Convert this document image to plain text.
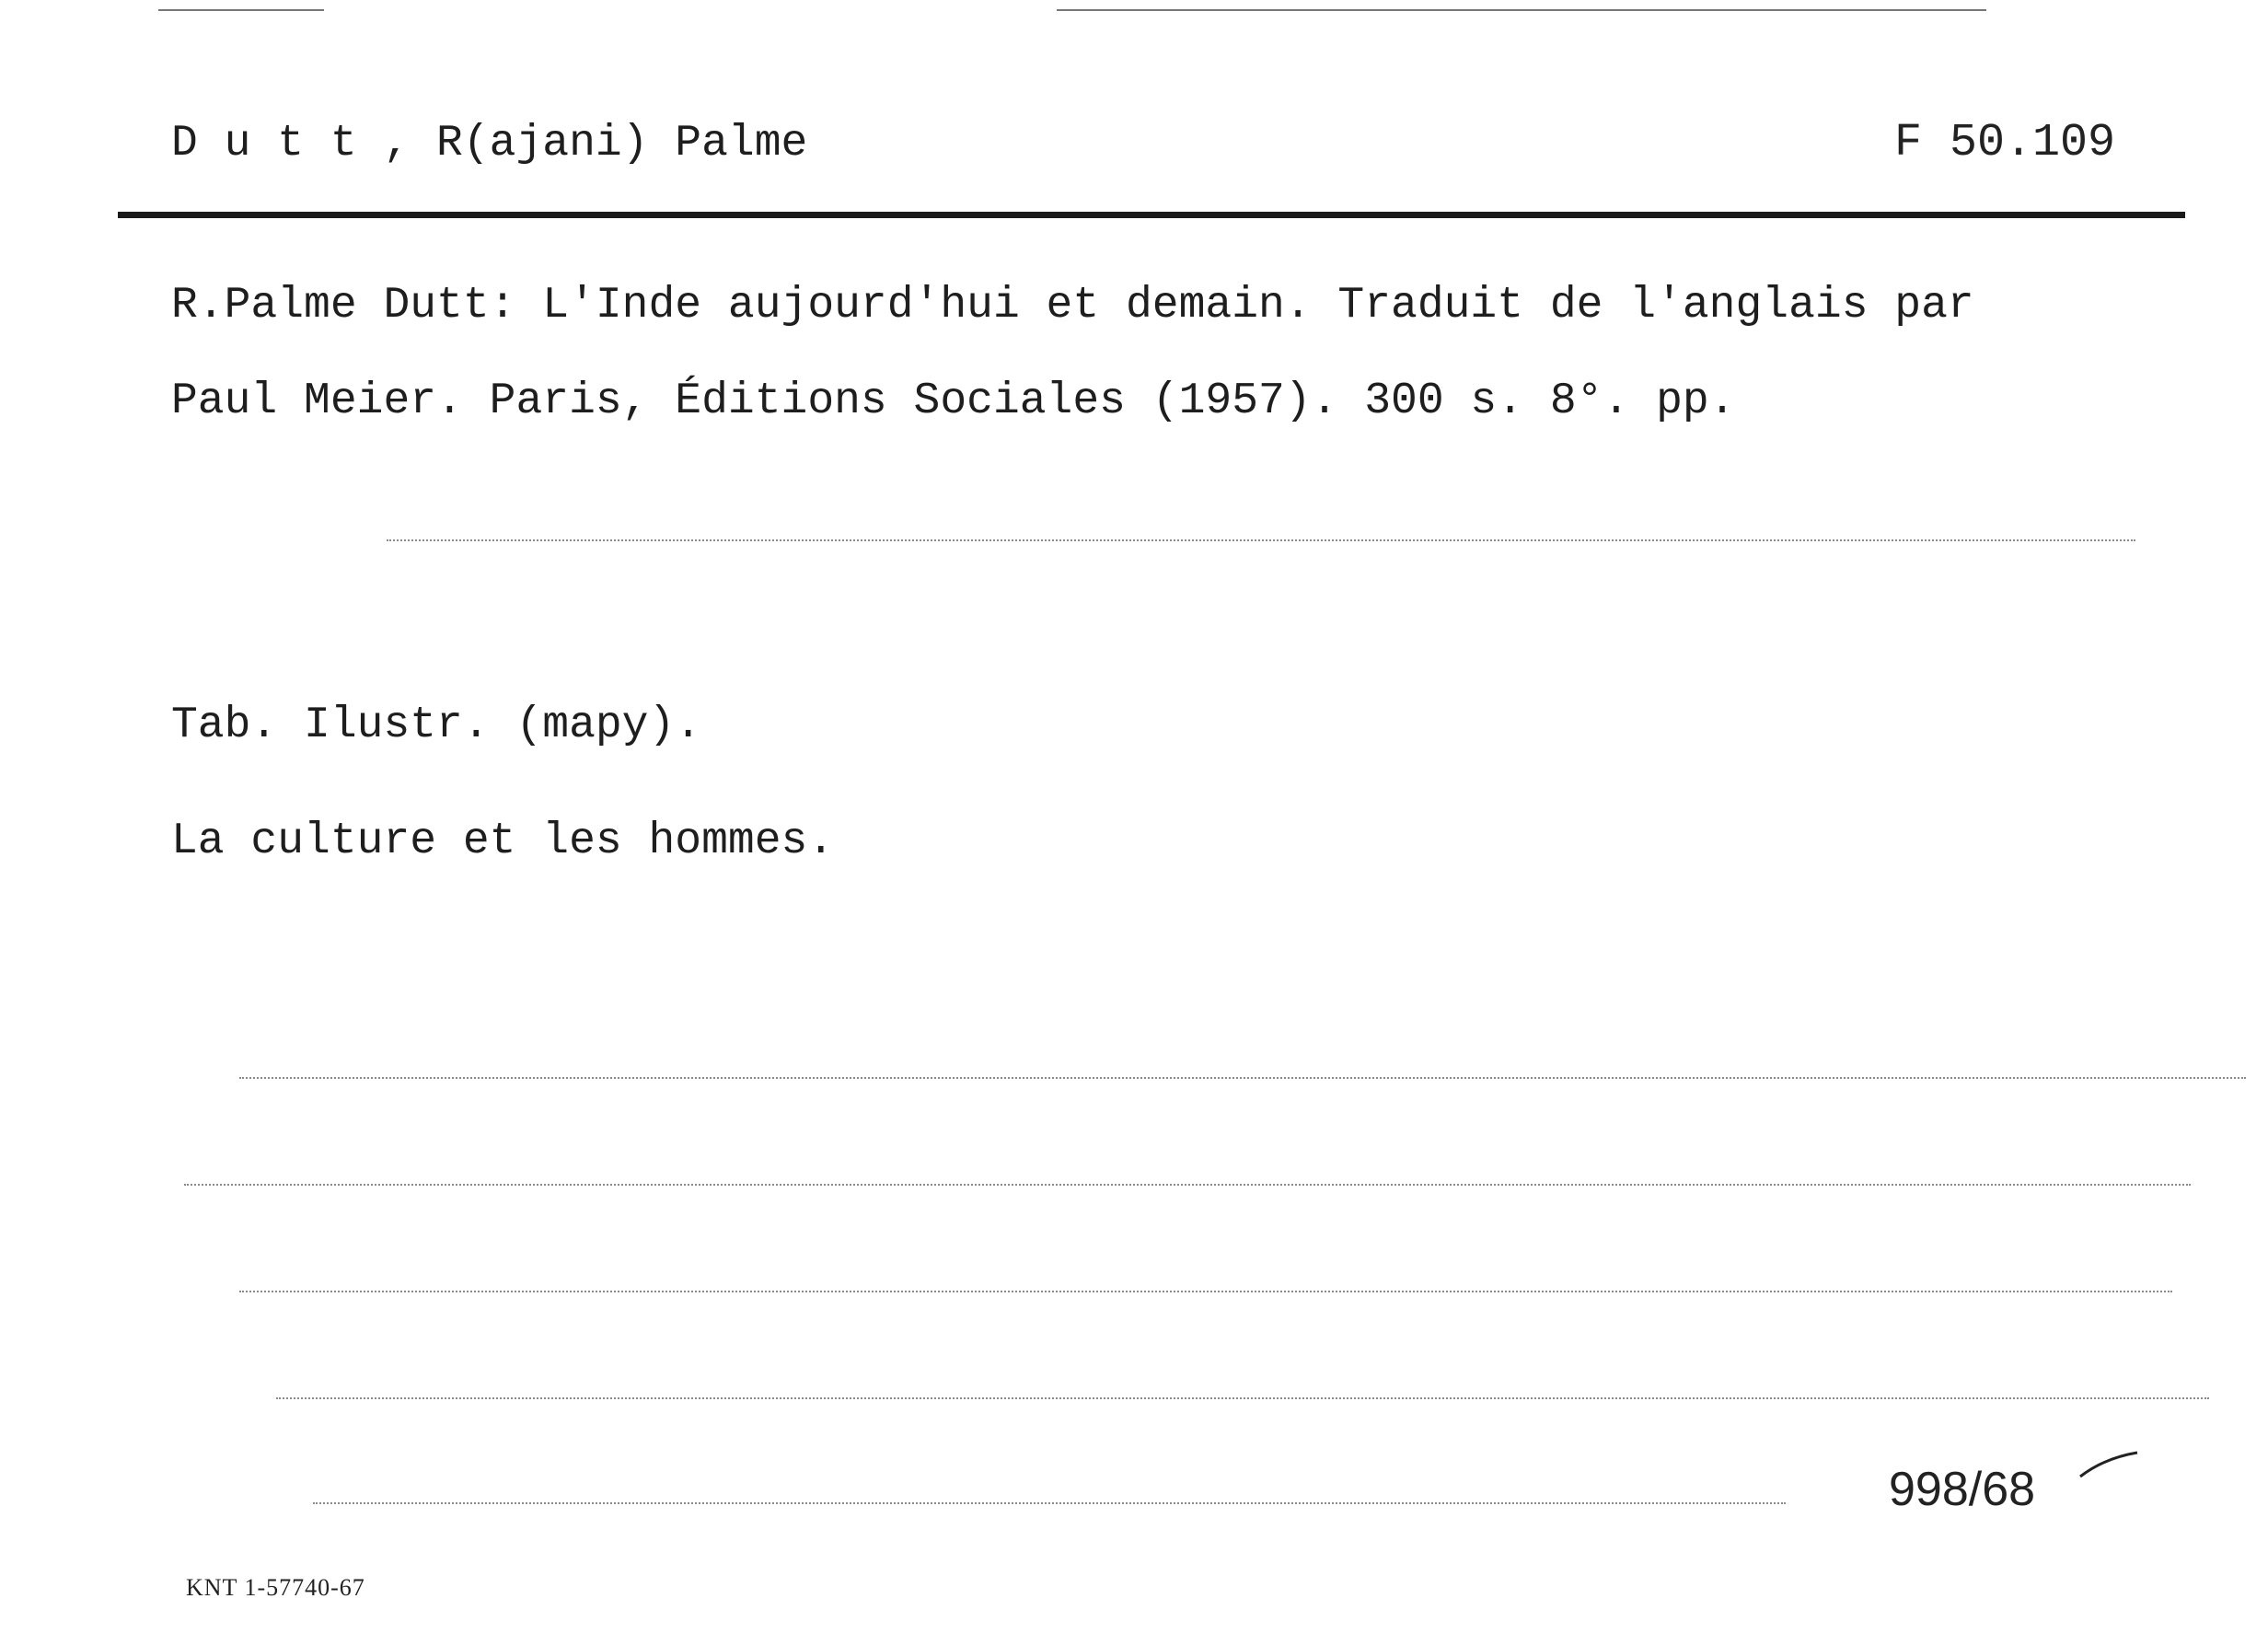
D u t t , R(ajani) Palme	F 50.109
R.Palme Dutt: L'Inde aujourd'hui et demain. Traduit de l'anglais par
Paul Meier. Paris, Éditions Sociales (1957). 300 s. 8°. pp.
Tab. Ilustr. (mapy).
La culture et les hommes.
998/68
KNT 1-57740-67
